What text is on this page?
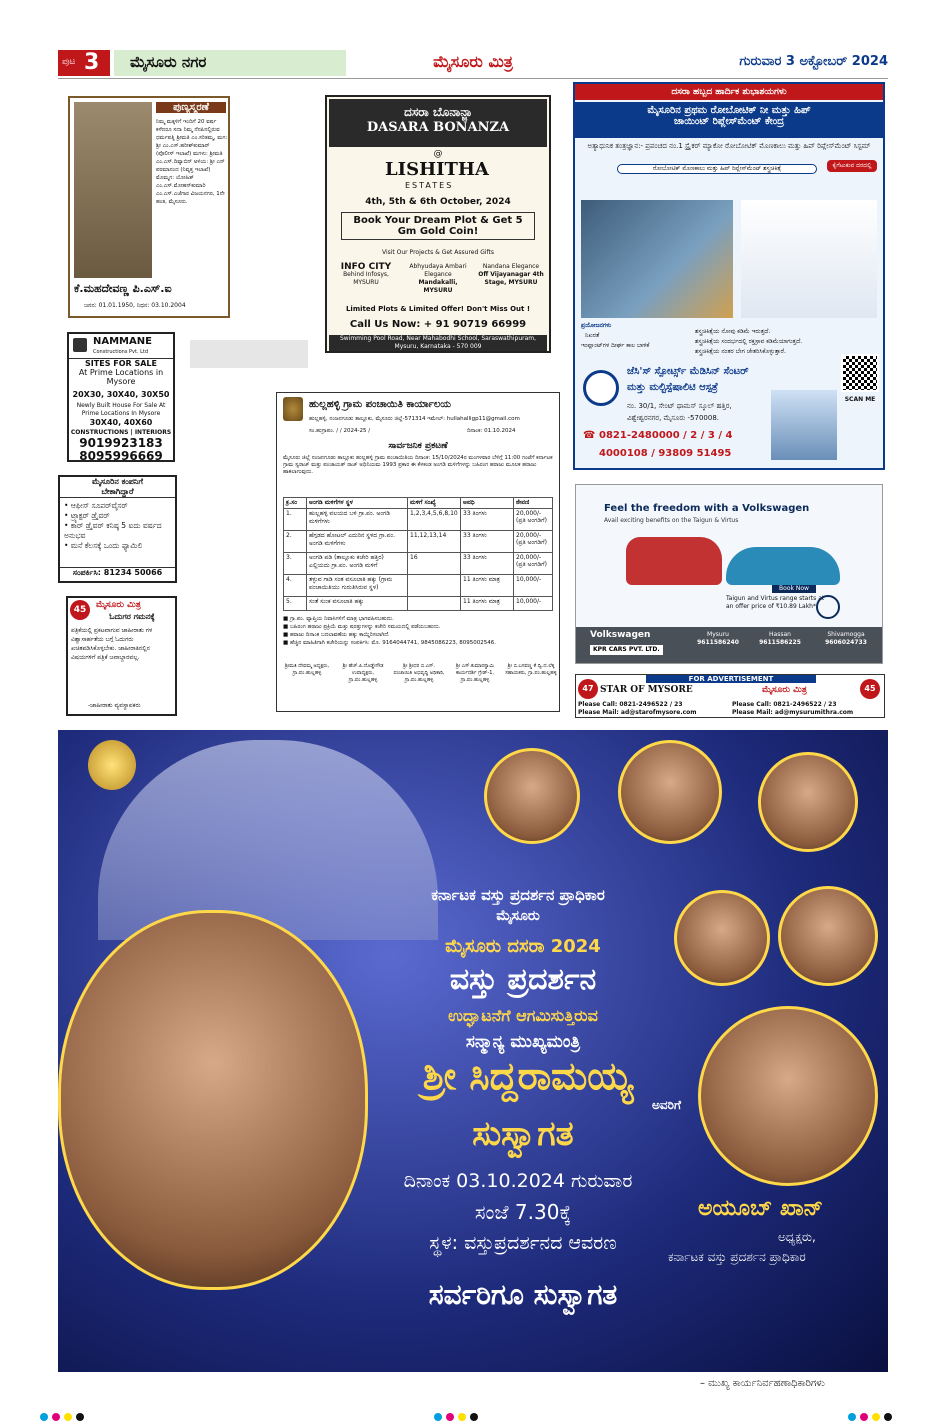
ಪುಟ 3 ಮೈಸೂರು ನಗರ	ಮೈಸೂರು ಮಿತ್ರ	ಗುರುವಾರ 3 ಅಕ್ಟೋಬರ್ 2024
ಪುಣ್ಯಸ್ಮರಣೆ
ನಿಮ್ಮ ಮಕ್ಕಳಿಗೆ ಇಂದಿಗೆ 20 ವರ್ಷ ಕಳೆದರೂ ಸದಾ ನಿಮ್ಮ ನೆನಪಿನಲ್ಲಿರುವ ಧರ್ಮಪತ್ನಿ ಶ್ರೀಮತಿ ಎಂ.ಸರಿತಮ್ಮ, ಮಗ: ಶ್ರೀ ಎಂ.ಎಸ್.ಹರೀಶ್‌ಕುಮಾರ್ (ಪೊಲೀಸ್ ಇಲಾಖೆ) ಮಗಳು: ಶ್ರೀಮತಿ ಎಂ.ಎಸ್.ದಿವ್ಯಾಬಿನ್ ಅಳಿಯ: ಶ್ರೀ ಎನ್ ಪರಮಾನಂದ (ನಿವೃತ್ತ ಇಲಾಖೆ) ಮೊಮ್ಮಗ: ಯೋಹಿತ್ ಎಂ.ಎಸ್.ಮೋಹನ್‌ಕುಮಾರಿ ಎಂ.ಎಸ್.ಎಜೆಗಾರ ವಿಜಯನಗರ, 1ನೇ ಹಂತ, ಮೈಸೂರು.
ಕೆ.ಮಹದೇವಣ್ಣ ಪಿ.ಎಸ್.ಐ
ಜನನ: 01.01.1950, ನಿಧನ: 03.10.2004
ದಸರಾ ಬೊನಾನ್ಜಾ
DASARA BONANZA
@
LISHITHA
ESTATES
4th, 5th & 6th October, 2024
Book Your Dream Plot & Get 5 Gm Gold Coin!
Visit Our Projects & Get Assured Gifts
INFO CITY
Behind Infosys, MYSURU
Abhyudaya Ambari Elegance
Mandakalli, MYSURU
Nandana Elegance
Off Vijayanagar 4th Stage, MYSURU
Limited Plots & Limited Offer! Don't Miss Out !
Call Us Now: + 91 90719 66999
Swimming Pool Road, Near Mahabodhi School, Saraswathipuram, Mysuru, Karnataka - 570 009
ದಸರಾ ಹಬ್ಬದ ಹಾರ್ದಿಕ ಶುಭಾಶಯಗಳು
ಮೈಸೂರಿನ ಪ್ರಥಮ ರೋಬೋಟಿಕ್ ನೀ ಮತ್ತು ಹಿಪ್
ಜಾಯಿಂಟ್ ರಿಪ್ಲೇಸ್‌ಮೆಂಟ್ ಕೇಂದ್ರ
ಅತ್ಯಾಧುನಿಕ ತಂತ್ರಜ್ಞಾನ:- ಪ್ರಪಂಚದ ನಂ.1 ಸ್ಟ್ರೈಕರ್ ಮ್ಯಾಕೋ ರೋಬೋಟಿಕ್ ಮೊಣಕಾಲು ಮತ್ತು ಹಿಪ್ ರಿಪ್ಲೇಸ್‌ಮೆಂಟ್ ಸಿಸ್ಟಮ್
ರೋಬೋಟಿಕ್ ಮೊಣಕಾಲು ಮತ್ತು ಹಿಪ್ ರಿಪ್ಲೇಸ್‌ಮೆಂಟ್ ಶಸ್ತ್ರಚಿಕಿತ್ಸೆ	ಕೈಗೆಟುಕುವ ದರದಲ್ಲಿ
ಪ್ರಯೋಜನಗಳು
ನಿಖರತೆ
ಇಂಪ್ಲಾಂಟ್‌ಗಳ ದೀರ್ಘ ಕಾಲ ಬಾಳಿಕೆ
ಶಸ್ತ್ರಚಿಕಿತ್ಸೆಯ ನೋವು ಕಡಿಮೆ ಇರುತ್ತದೆ.
ಶಸ್ತ್ರಚಿಕಿತ್ಸೆಯ ಸಂದರ್ಭದಲ್ಲಿ ರಕ್ತಸ್ರಾವ ಕಡಿಮೆಯಾಗುತ್ತದೆ.
ಶಸ್ತ್ರಚಿಕಿತ್ಸೆಯ ನಂತರ ಬೇಗ ಚೇತರಿಸಿಕೊಳ್ಳುತ್ತಾರೆ.
ಜೆಸಿ'ಸ್ ಸ್ಪೋರ್ಟ್ಸ್ ಮೆಡಿಸಿನ್ ಸೆಂಟರ್
ಮತ್ತು ಮಲ್ಟಿಸ್ಪೆಷಾಲಿಟಿ ಆಸ್ಪತ್ರೆ
ನಂ. 30/1, ಸೇಂಟ್ ಥಾಮಸ್ ಸ್ಕೂಲ್ ಹತ್ತಿರ,
ವಿಶ್ವೇಶ್ವರನಗರ, ಮೈಸೂರು -570008.
☎ 0821-2480000 / 2 / 3 / 4
4000108 / 93809 51495
SCAN ME
NAMMANE
Constructions Pvt. Ltd
SITES FOR SALE
At Prime Locations in Mysore
20X30, 30X40, 30X50
Newly Built House For Sale At Prime Locations In Mysore
30X40, 40X60
CONSTRUCTIONS | INTERIORS
9019923183
8095996669
ಮೈಸೂರಿನ ಕಂಪನಿಗೆ
ಬೇಕಾಗಿದ್ದಾರೆ
• ಆಫೀಸ್ ಸೂಪರ್‌ವೈಸರ್
• ಟ್ರ್ಯಾಕ್ಟರ್ ಡ್ರೈವರ್
• ಕಾರ್ ಡ್ರೈವರ್ ಕನಿಷ್ಠ 5 ಐದು ವರ್ಷದ ಅನುಭವ
• ಮನೆ ಕೆಲಸಕ್ಕೆ ಒಂದು ಫ್ಯಾಮಿಲಿ
ಸಂಪರ್ಕಿಸಿ: 81234 50066
45	ಮೈಸೂರು ಮಿತ್ರ
ಓದುಗರ ಗಮನಕ್ಕೆ
ಪತ್ರಿಕೆಯಲ್ಲಿ ಪ್ರಕಟವಾಗುವ ಜಾಹೀರಾತು ಗಳ ವಿಶ್ವಾಸಾರ್ಹತೆಯ ಬಗ್ಗೆ ಓದುಗರು ಖಚಿತಪಡಿಸಿಕೊಳ್ಳಬೇಕು. ಜಾಹೀರಾತಿನಲ್ಲಿನ ವಿಷಯಗಳಿಗೆ ಪತ್ರಿಕೆ ಜವಾಬ್ದಾರವಲ್ಲ.
-ಜಾಹೀರಾತು ವ್ಯವಸ್ಥಾಪಕರು
ಹುಲ್ಲಹಳ್ಳಿ ಗ್ರಾಮ ಪಂಚಾಯಿತಿ ಕಾರ್ಯಾಲಯ
ಹುಲ್ಲಹಳ್ಳಿ, ನಂಜನಗೂಡು ತಾಲ್ಲೂಕು, ಮೈಸೂರು ಜಿಲ್ಲೆ-571314 ಇಮೇಲ್: hullahalligp11@gmail.com
ಸಂ.ಹುಗ್ರಾಪಂ. / / 2024-25 /	ದಿನಾಂಕ: 01.10.2024
ಸಾರ್ವಜನಿಕ ಪ್ರಕಟಣೆ
ಮೈಸೂರು ಜಿಲ್ಲೆ ನಂಜನಗೂಡು ತಾಲ್ಲೂಕು ಹುಲ್ಲಹಳ್ಳಿ ಗ್ರಾಮ ಪಂಚಾಯಿತಿಯ ದಿನಾಂಕ: 15/10/2024ರ ಮಂಗಳವಾರ ಬೆಳಿಗ್ಗೆ 11:00 ಗಂಟೆಗೆ ಕರ್ನಾಟಕ ಗ್ರಾಮ ಸ್ವರಾಜ್ ಮತ್ತು ಪಂಚಾಯತ್ ರಾಜ್ ಅಧಿನಿಯಮ 1993 ಪ್ರಕಾರ ಈ ಕೆಳಕಂಡ ಅಂಗಡಿ ಮಳಿಗೆಗಳನ್ನು ಬಹಿರಂಗ ಹರಾಜು ಮೂಲಕ ಹರಾಜು ಹಾಕಲಾಗುವುದು.
ಕ್ರ.ಸಂ	ಅಂಗಡಿ ಮಳಿಗೆಗಳ ಸ್ಥಳ	ಮಳಿಗೆ ಸಂಖ್ಯೆ	ಅವಧಿ	ಠೇವಣಿ
1.	ಹುಲ್ಲಹಳ್ಳಿ ವಲಯದ ಬಳಿ ಗ್ರಾ.ಪಂ. ಅಂಗಡಿ ಮಳಿಗೆಗಳು	1,2,3,4,5,6,8,10	33 ತಿಂಗಳು	20,000/- (ಪ್ರತಿ ಅಂಗಡಿಗೆ)
2.	ಹೆಗ್ಗಡದ ಹೋಟಲ್ ಎದುರಿನ ಸ್ಥಳದ ಗ್ರಾ.ಪಂ. ಅಂಗಡಿ ಮಳಿಗೆಗಳು	11,12,13,14	33 ತಿಂಗಳು	20,000/- (ಪ್ರತಿ ಅಂಗಡಿಗೆ)
3.	ಅಂಗಡಿ ಪಡಿ (ತಾಲ್ಲೂಕು ಕಚೇರಿ ಹತ್ತಿರ) ಎಲ್ಲಿಯದು ಗ್ರಾ.ಪಂ. ಅಂಗಡಿ ಮಳಿಗೆ	16	33 ತಿಂಗಳು	20,000/- (ಪ್ರತಿ ಅಂಗಡಿಗೆ)
4.	ತಳ್ಳುವ ಗಾಡಿ ಸಂತ ವಸೂಲಾತಿ ಹಕ್ಕು (ಗ್ರಾಮ ಪಂಚಾಯಿತಿಯು ಗುರುತಿಸಿರುವ ಸ್ಥಳ)		11 ತಿಂಗಳು ಮಾತ್ರ	10,000/-
5.	ಸಂತೆ ಸುಂಕ ವಸೂಲಾತಿ ಹಕ್ಕು		11 ತಿಂಗಳು ಮಾತ್ರ	10,000/-
■ ಗ್ರಾ.ಪಂ. ವ್ಯಾಪ್ತಿಯ ನಿವಾಸಿಗಳಿಗೆ ಮಾತ್ರ ಭಾಗವಹಿಸಬಹುದು.
■ ಬಹಿರಂಗ ಹರಾಜು ಪ್ರಕ್ರಿಯೆ ಮತ್ತು ಷರತ್ತುಗಳನ್ನು ಕಚೇರಿ ಸಮಯದಲ್ಲಿ ಪಡೆಯಬಹುದು.
■ ಹರಾಜು ದಿನಾಂಕ ಬದಲಾವಣೆಯ ಹಕ್ಕು ಕಾಯ್ದಿರಿಸಲಾಗಿದೆ.
■ ಹೆಚ್ಚಿನ ಮಾಹಿತಿಗಾಗಿ ಕಚೇರಿಯನ್ನು ಸಂಪರ್ಕಿಸಿ: ಮೊ. 9164044741, 9845086223, 8095002546.
ಶ್ರೀಮತಿ ದೇವಮ್ಮ ಅಧ್ಯಕ್ಷರು, ಗ್ರಾ.ಪಂ.ಹುಲ್ಲಹಳ್ಳಿ
ಶ್ರೀ ಹೆಚ್.ಪಿ.ದೊಡ್ಡೇಗೌಡ ಉಪಾಧ್ಯಕ್ಷರು, ಗ್ರಾ.ಪಂ.ಹುಲ್ಲಹಳ್ಳಿ
ಶ್ರೀ ಶ್ರೀಧರ ಬಿ.ಎಸ್. ಪಂಚಾಯಿತಿ ಅಭಿವೃದ್ಧಿ ಅಧಿಕಾರಿ, ಗ್ರಾ.ಪಂ.ಹುಲ್ಲಹಳ್ಳಿ
ಶ್ರೀ ಎಸ್.ಕುಮಾರಸ್ವಾಮಿ ಕಾರ್ಯದರ್ಶಿ ಗ್ರೇಡ್-1, ಗ್ರಾ.ಪಂ.ಹುಲ್ಲಹಳ್ಳಿ
ಶ್ರೀ ಬಿ.ಬಸವಣ್ಣ ಕೆ ದ್ವಿ.ದ.ಲೆಕ್ಕ ಸಹಾಯಕರು, ಗ್ರಾ.ಪಂ.ಹುಲ್ಲಹಳ್ಳಿ
Feel the freedom with a Volkswagen
Avail exciting benefits on the Taigun & Virtus
Taigun and Virtus range starts at an offer price of ₹10.89 Lakh*
Book Now
Volkswagen
KPR CARS PVT. LTD.
Mysuru
9611586240
Hassan
9611586225
Shivamogga
9606024733
FOR ADVERTISEMENT
47 STAR OF MYSORE
Please Call: 0821-2496522 / 23
Please Mail: ad@starofmysore.com
ಮೈಸೂರು ಮಿತ್ರ	45
Please Call: 0821-2496522 / 23
Please Mail: ad@mysurumithra.com
ಕರ್ನಾಟಕ ವಸ್ತು ಪ್ರದರ್ಶನ ಪ್ರಾಧಿಕಾರ
ಮೈಸೂರು
ಮೈಸೂರು ದಸರಾ 2024
ವಸ್ತು ಪ್ರದರ್ಶನ
ಉದ್ಘಾಟನೆಗೆ ಆಗಮಿಸುತ್ತಿರುವ
ಸನ್ಮಾನ್ಯ ಮುಖ್ಯಮಂತ್ರಿ
ಶ್ರೀ ಸಿದ್ದರಾಮಯ್ಯ
ಅವರಿಗೆ
ಸುಸ್ವಾಗತ
ದಿನಾಂಕ 03.10.2024 ಗುರುವಾರ
ಸಂಜೆ 7.30ಕ್ಕೆ
ಸ್ಥಳ: ವಸ್ತುಪ್ರದರ್ಶನದ ಆವರಣ
ಸರ್ವರಿಗೂ ಸುಸ್ವಾಗತ
ಅಯೂಬ್ ಖಾನ್
ಅಧ್ಯಕ್ಷರು,
ಕರ್ನಾಟಕ ವಸ್ತು ಪ್ರದರ್ಶನ ಪ್ರಾಧಿಕಾರ
– ಮುಖ್ಯ ಕಾರ್ಯನಿರ್ವಹಣಾಧಿಕಾರಿಗಳು
